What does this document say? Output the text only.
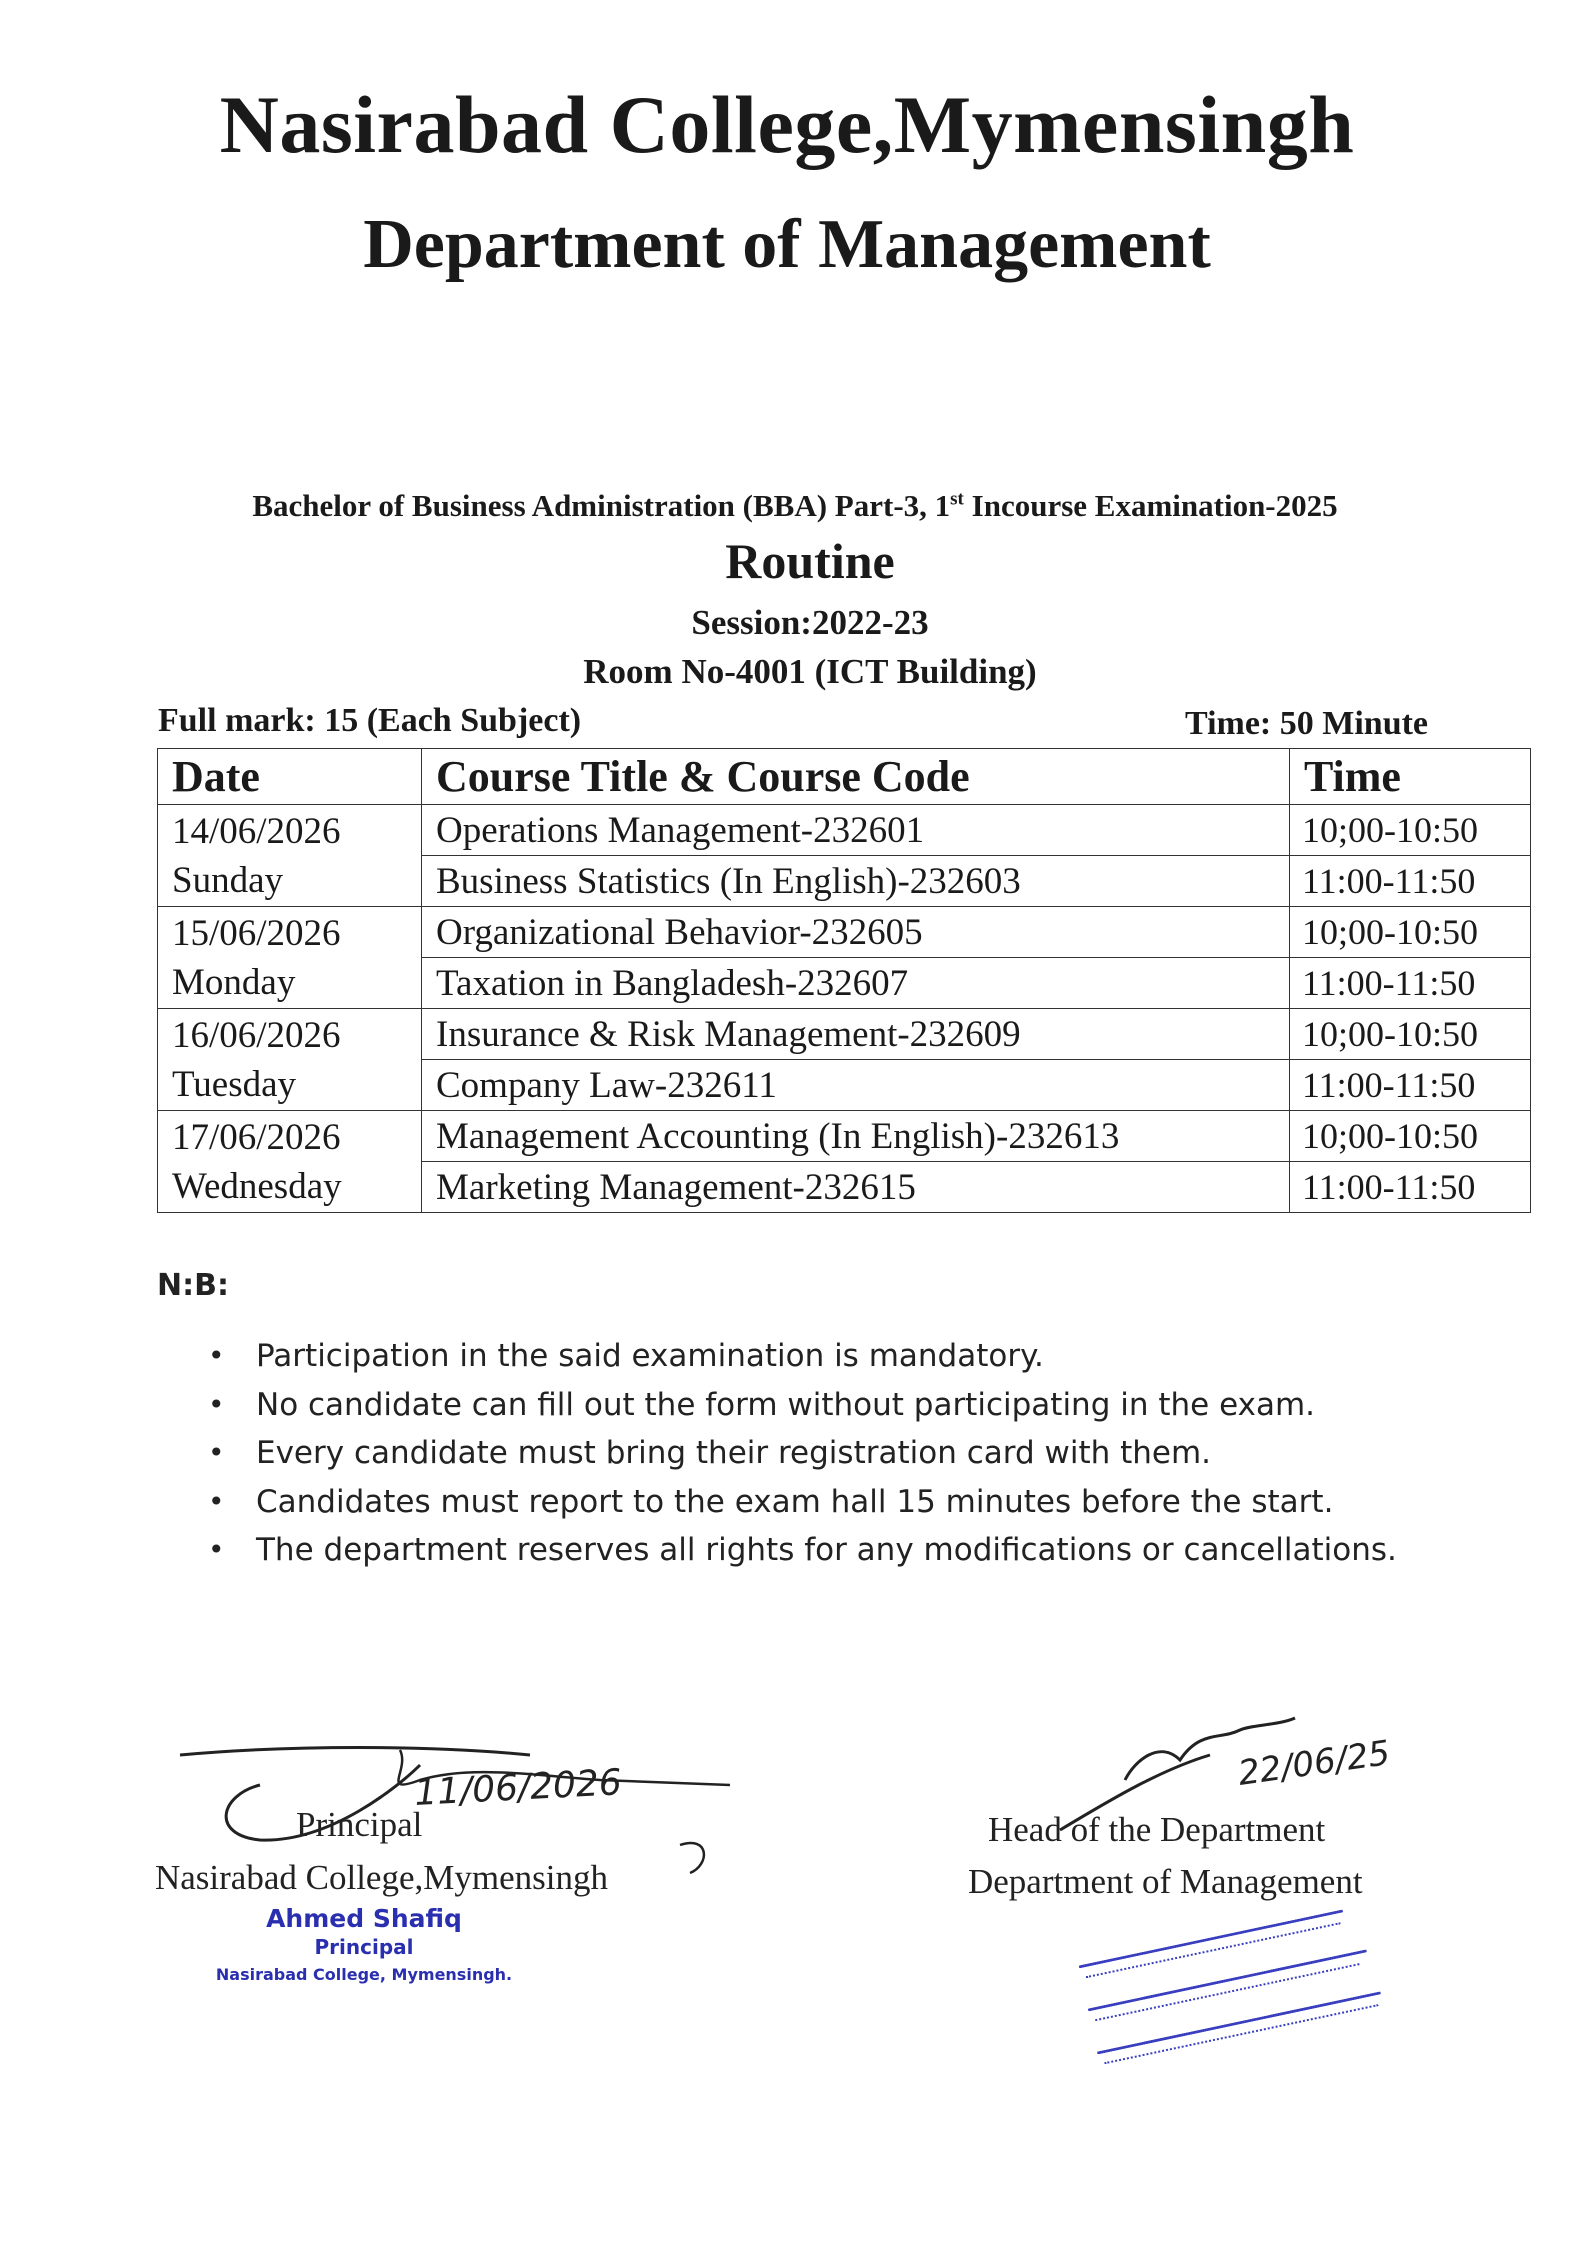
Nasirabad College,Mymensingh
Department of Management
Bachelor of Business Administration (BBA) Part-3, 1st Incourse Examination-2025
Routine
Session:2022-23
Room No-4001 (ICT Building)
Full mark: 15 (Each Subject)	Time: 50 Minute
Date	Course Title & Course Code	Time
14/06/2026
Sunday	Operations Management-232601	10;00-10:50
	Business Statistics (In English)-232603	11:00-11:50
15/06/2026
Monday	Organizational Behavior-232605	10;00-10:50
	Taxation in Bangladesh-232607	11:00-11:50
16/06/2026
Tuesday	Insurance & Risk Management-232609	10;00-10:50
	Company Law-232611	11:00-11:50
17/06/2026
Wednesday	Management Accounting (In English)-232613	10;00-10:50
	Marketing Management-232615	11:00-11:50
N:B:
• Participation in the said examination is mandatory.
• No candidate can fill out the form without participating in the exam.
• Every candidate must bring their registration card with them.
• Candidates must report to the exam hall 15 minutes before the start.
• The department reserves all rights for any modifications or cancellations.
11/06/2026
Principal
Nasirabad College,Mymensingh
Ahmed Shafiq
Principal
Nasirabad College, Mymensingh.
22/06/25
Head of the Department
Department of Management
